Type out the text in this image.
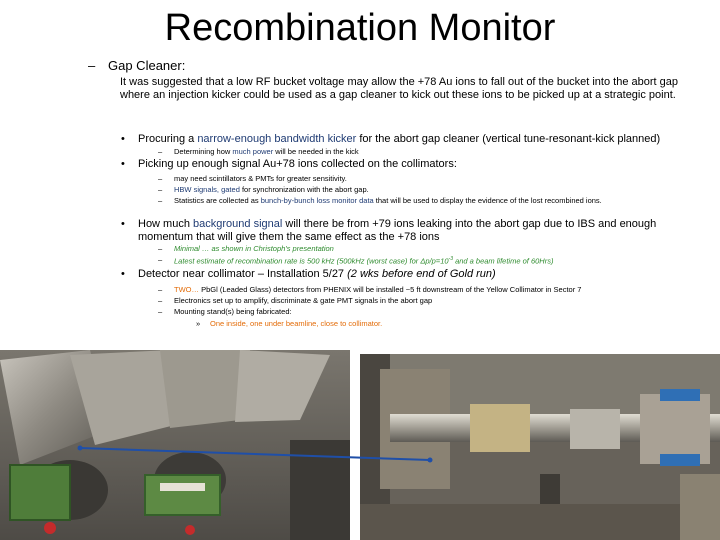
Recombination Monitor
– Gap Cleaner:
It was suggested that a low RF bucket voltage may allow the +78 Au ions to fall out of the bucket into the abort gap where an injection kicker could be used as a gap cleaner to kick out these ions to be picked up at a strategic point.
• Procuring a narrow-enough bandwidth kicker for the abort gap cleaner (vertical tune-resonant-kick planned)
– Determining how much power will be needed in the kick
• Picking up enough signal Au+78 ions collected on the collimators:
– may need scintillators & PMTs for greater sensitivity.
– HBW signals, gated for synchronization with the abort gap.
– Statistics are collected as bunch-by-bunch loss monitor data that will be used to display the evidence of the lost recombined ions.
• How much background signal will there be from +79 ions leaking into the abort gap due to IBS and enough momentum that will give them the same effect as the +78 ions
– Minimal … as shown in Christoph's presentation
– Latest estimate of recombination rate is 500 kHz (500kHz (worst case) for $\Delta p/p=10^{-3}$ and a beam lifetime of 60Hrs)
• Detector near collimator – Installation 5/27 (2 wks before end of Gold run)
– TWO… PbGl (Leaded Glass) detectors from PHENIX will be installed ~5 ft downstream of the Yellow Collimator in Sector 7
– Electronics set up to amplify, discriminate & gate PMT signals in the abort gap
– Mounting stand(s) being fabricated:
» One inside, one under beamline, close to collimator.
